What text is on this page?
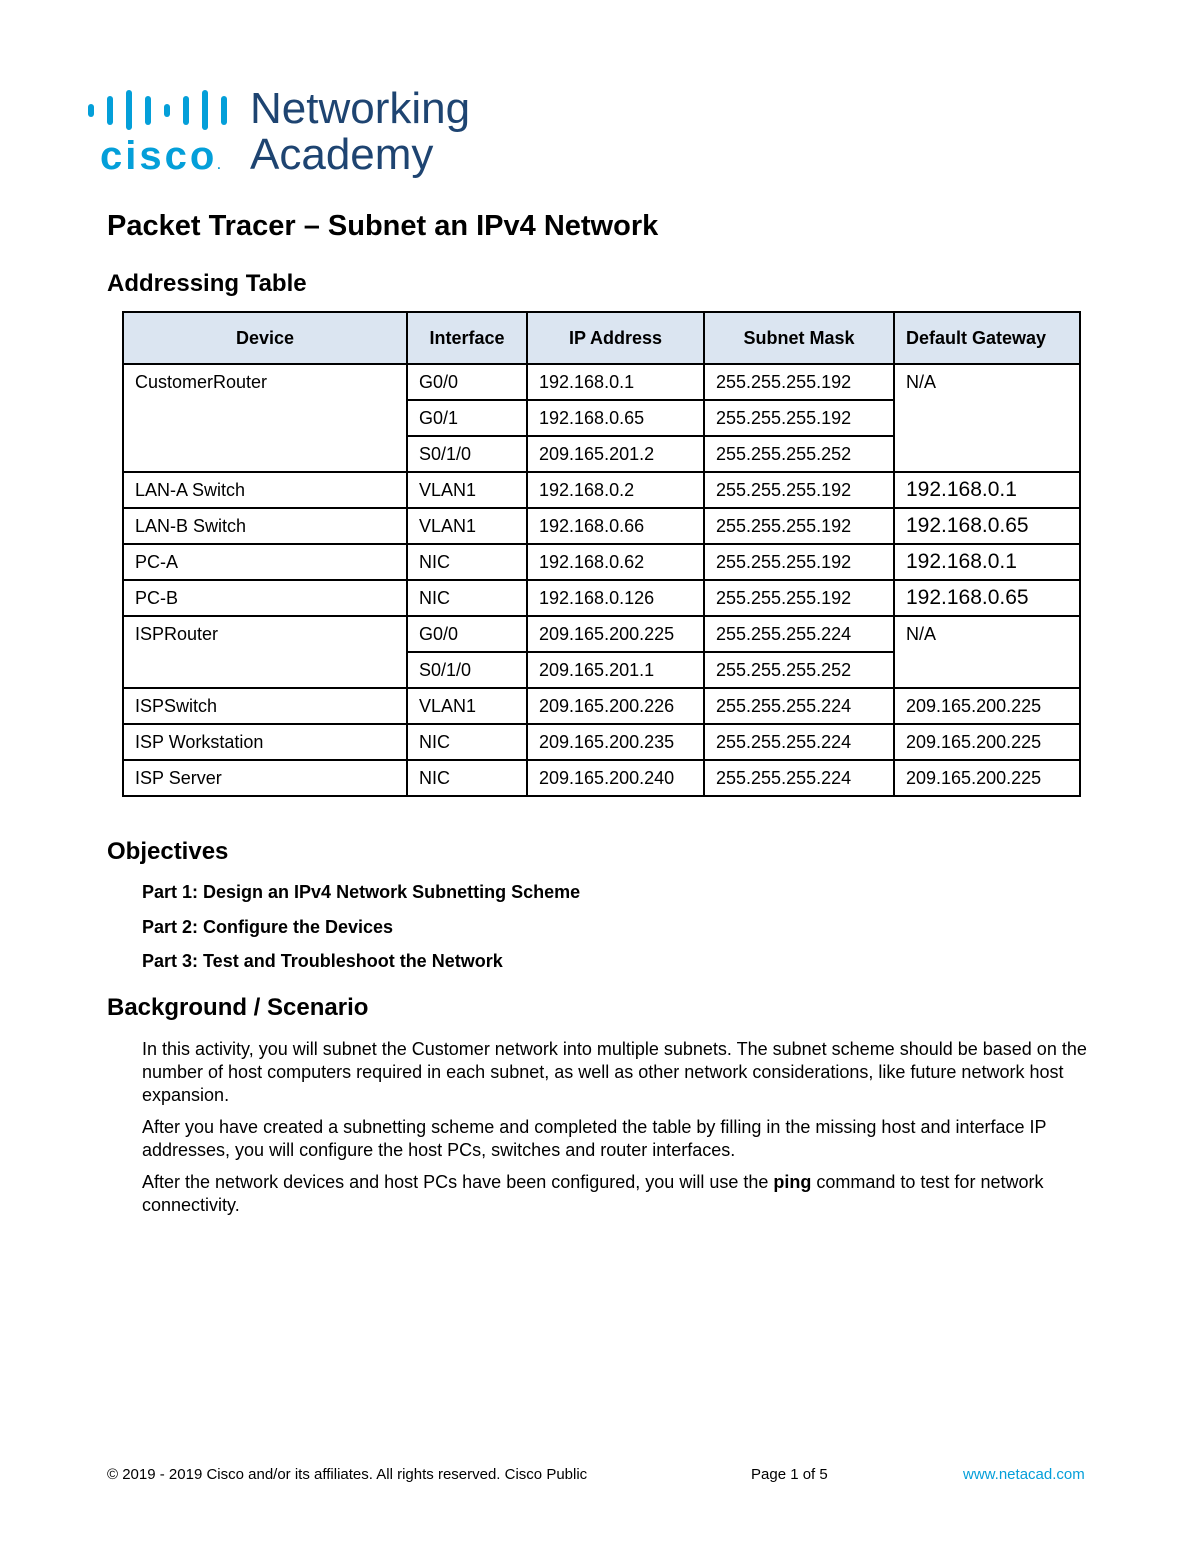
cisco.
Networking
Academy
Packet Tracer – Subnet an IPv4 Network
Addressing Table
Device	Interface	IP Address	Subnet Mask	Default Gateway
CustomerRouter	G0/0	192.168.0.1	255.255.255.192	N/A
	G0/1	192.168.0.65	255.255.255.192	
	S0/1/0	209.165.201.2	255.255.255.252	
LAN-A Switch	VLAN1	192.168.0.2	255.255.255.192	192.168.0.1
LAN-B Switch	VLAN1	192.168.0.66	255.255.255.192	192.168.0.65
PC-A	NIC	192.168.0.62	255.255.255.192	192.168.0.1
PC-B	NIC	192.168.0.126	255.255.255.192	192.168.0.65
ISPRouter	G0/0	209.165.200.225	255.255.255.224	N/A
	S0/1/0	209.165.201.1	255.255.255.252	
ISPSwitch	VLAN1	209.165.200.226	255.255.255.224	209.165.200.225
ISP Workstation	NIC	209.165.200.235	255.255.255.224	209.165.200.225
ISP Server	NIC	209.165.200.240	255.255.255.224	209.165.200.225
Objectives
Part 1: Design an IPv4 Network Subnetting Scheme
Part 2: Configure the Devices
Part 3: Test and Troubleshoot the Network
Background / Scenario

In this activity, you will subnet the Customer network into multiple subnets. The subnet scheme should be based on the number of host computers required in each subnet, as well as other network considerations, like future network host expansion.

After you have created a subnetting scheme and completed the table by filling in the missing host and interface IP addresses, you will configure the host PCs, switches and router interfaces.

After the network devices and host PCs have been configured, you will use the ping command to test for network connectivity.

© 2019 - 2019 Cisco and/or its affiliates. All rights reserved. Cisco Public	Page 1 of 5	www.netacad.com
